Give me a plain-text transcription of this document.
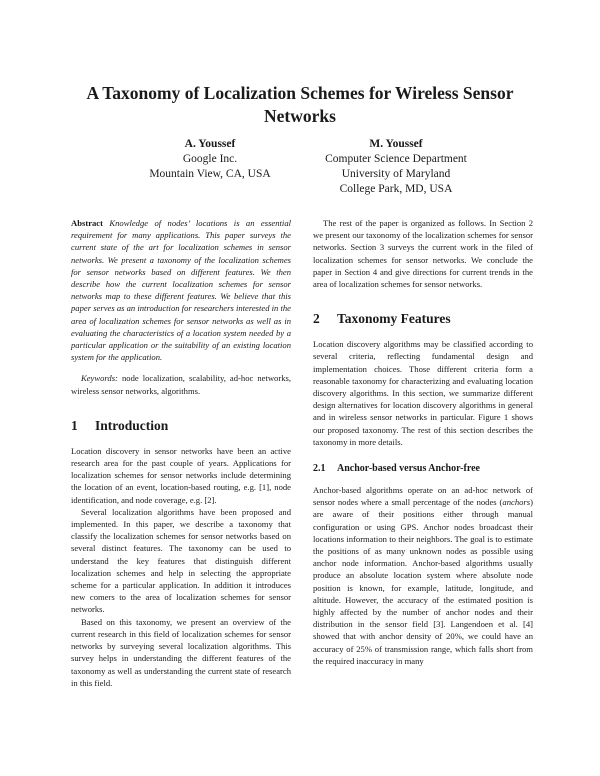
A Taxonomy of Localization Schemes for Wireless Sensor Networks
A. Youssef
Google Inc.
Mountain View, CA, USA
M. Youssef
Computer Science Department
University of Maryland
College Park, MD, USA

Abstract Knowledge of nodes’ locations is an essential requirement for many applications. This paper surveys the current state of the art for localization schemes in sensor networks. We present a taxonomy of the localization schemes for sensor networks based on different features. We then describe how the current localization schemes for sensor networks map to these different features. We believe that this paper serves as an introduction for researchers interested in the area of localization schemes for sensor networks as well as in evaluating the characteristics of a location system needed by a particular application or the suitability of an existing location system for the application.

Keywords: node localization, scalability, ad-hoc networks, wireless sensor networks, algorithms.

1 Introduction

Location discovery in sensor networks have been an active research area for the past couple of years. Applications for localization schemes for sensor networks include determining the location of an event, location-based routing, e.g. [1], node identification, and node coverage, e.g. [2].

Several localization algorithms have been proposed and implemented. In this paper, we describe a taxonomy that classify the localization schemes for sensor networks based on several distinct features. The taxonomy can be used to understand the key features that distinguish different localization schemes and help in selecting the appropriate scheme for a particular application. In addition it introduces new comers to the area of localization schemes for sensor networks.

Based on this taxonomy, we present an overview of the current research in this field of localization schemes for sensor networks by surveying several localization algorithms. This survey helps in understanding the different features of the taxonomy as well as understanding the current state of research in this field.

The rest of the paper is organized as follows. In Section 2 we present our taxonomy of the localization schemes for sensor networks. Section 3 surveys the current work in the filed of localization schemes for sensor networks. We conclude the paper in Section 4 and give directions for current trends in the area of localization schemes for sensor networks.

2 Taxonomy Features

Location discovery algorithms may be classified according to several criteria, reflecting fundamental design and implementation choices. Those different criteria form a reasonable taxonomy for characterizing and evaluating location discovery algorithms. In this section, we summarize different design alternatives for location discovery algorithms in general and in wireless sensor networks in particular. Figure 1 shows our proposed taxonomy. The rest of this section describes the taxonomy in more details.

2.1 Anchor-based versus Anchor-free

Anchor-based algorithms operate on an ad-hoc network of sensor nodes where a small percentage of the nodes (anchors) are aware of their positions either through manual configuration or using GPS. Anchor nodes broadcast their locations information to their neighbors. The goal is to estimate the positions of as many unknown nodes as possible using anchor node information. Anchor-based algorithms usually produce an absolute location system where absolute node position is known, for example, latitude, longitude, and altitude. However, the accuracy of the estimated position is highly affected by the number of anchor nodes and their distribution in the sensor field [3]. Langendoen et al. [4] showed that with anchor density of 20%, we could have an accuracy of 25% of transmission range, which falls short from the required inaccuracy in many
